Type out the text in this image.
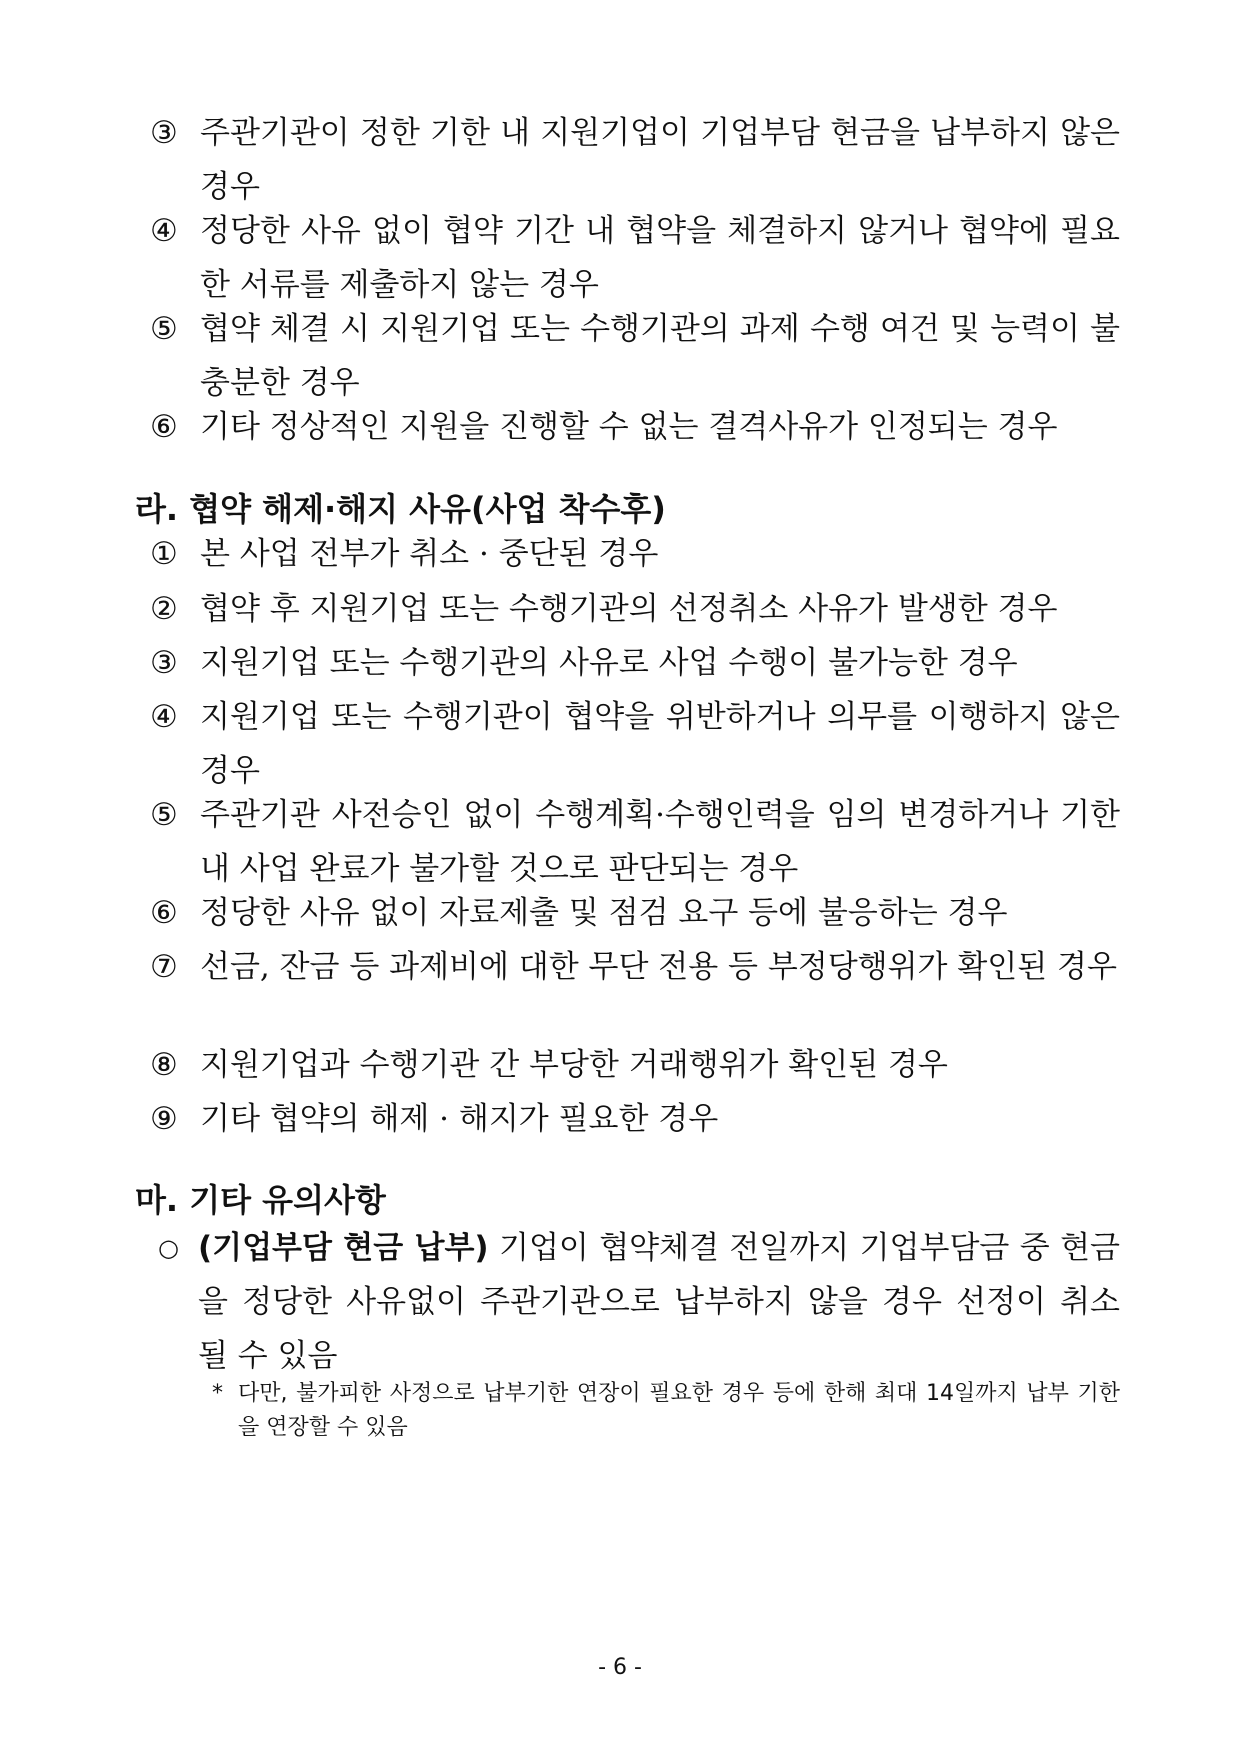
③ 주관기관이 정한 기한 내 지원기업이 기업부담 현금을 납부하지 않은 경우
④ 정당한 사유 없이 협약 기간 내 협약을 체결하지 않거나 협약에 필요한 서류를 제출하지 않는 경우
⑤ 협약 체결 시 지원기업 또는 수행기관의 과제 수행 여건 및 능력이 불충분한 경우
⑥ 기타 정상적인 지원을 진행할 수 없는 결격사유가 인정되는 경우
라. 협약 해제·해지 사유(사업 착수후)
① 본 사업 전부가 취소 · 중단된 경우
② 협약 후 지원기업 또는 수행기관의 선정취소 사유가 발생한 경우
③ 지원기업 또는 수행기관의 사유로 사업 수행이 불가능한 경우
④ 지원기업 또는 수행기관이 협약을 위반하거나 의무를 이행하지 않은 경우
⑤ 주관기관 사전승인 없이 수행계획·수행인력을 임의 변경하거나 기한 내 사업 완료가 불가할 것으로 판단되는 경우
⑥ 정당한 사유 없이 자료제출 및 점검 요구 등에 불응하는 경우
⑦ 선금, 잔금 등 과제비에 대한 무단 전용 등 부정당행위가 확인된 경우
⑧ 지원기업과 수행기관 간 부당한 거래행위가 확인된 경우
⑨ 기타 협약의 해제 · 해지가 필요한 경우
마. 기타 유의사항
○ (기업부담 현금 납부) 기업이 협약체결 전일까지 기업부담금 중 현금을 정당한 사유없이 주관기관으로 납부하지 않을 경우 선정이 취소 될 수 있음
* 다만, 불가피한 사정으로 납부기한 연장이 필요한 경우 등에 한해 최대 14일까지 납부 기한을 연장할 수 있음
- 6 -
